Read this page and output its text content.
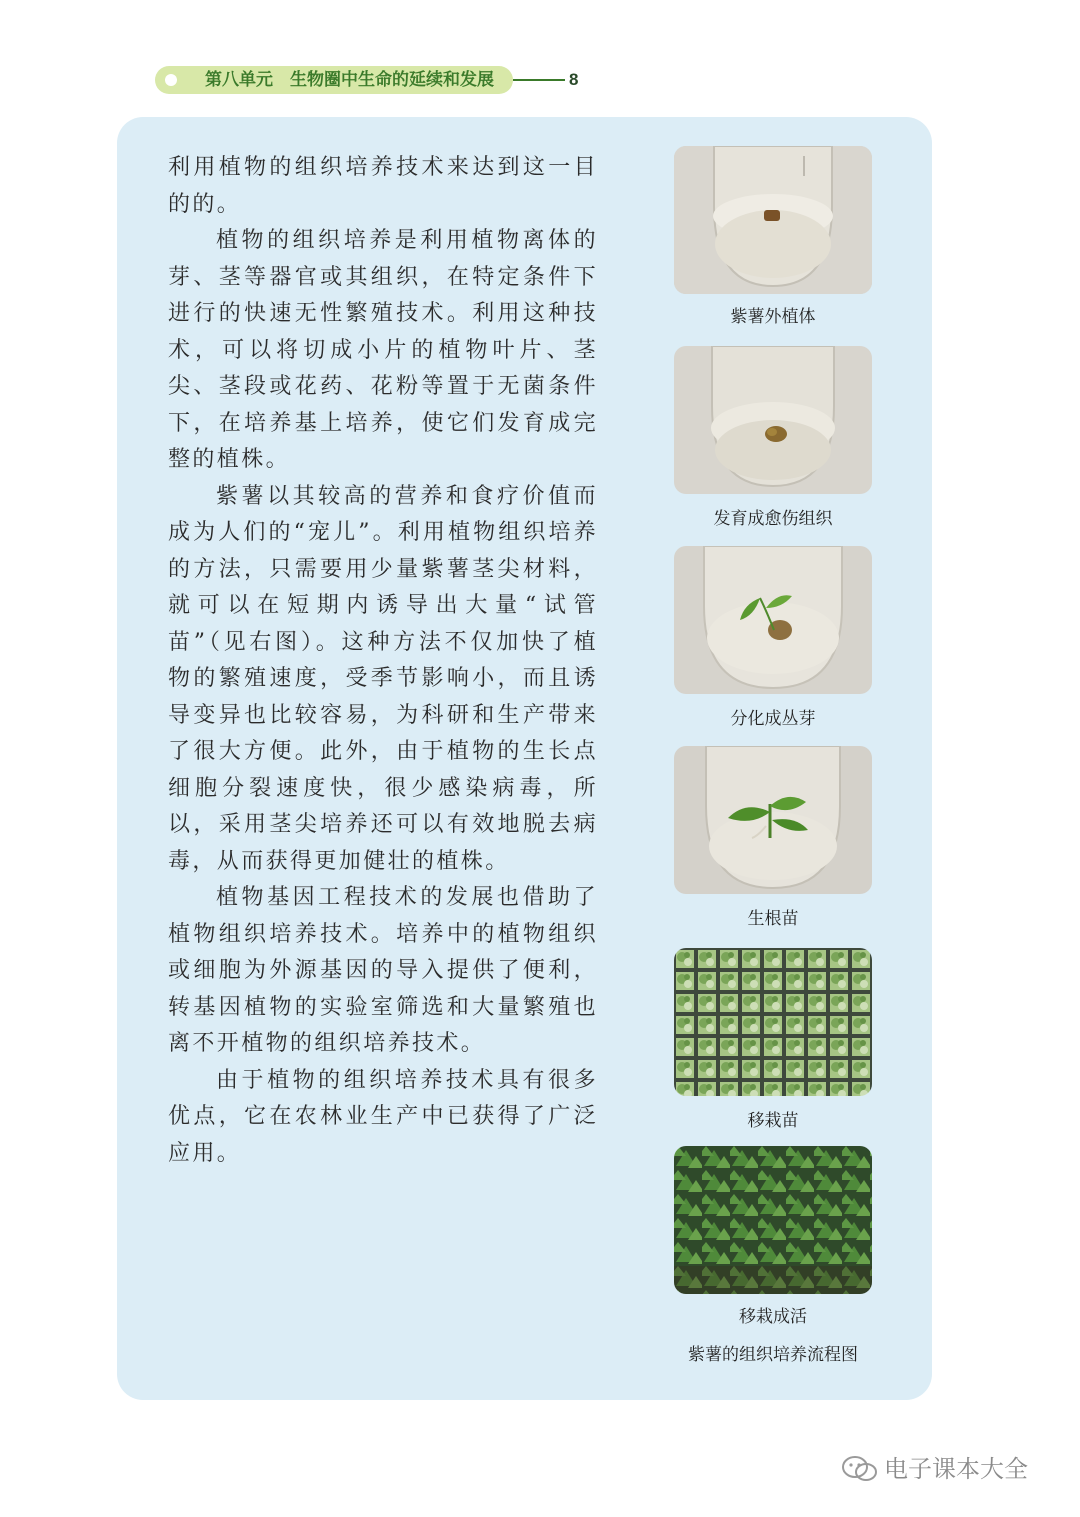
第八单元　生物圈中生命的延续和发展	8

利用植物的组织培养技术来达到这一目的的。

植物的组织培养是利用植物离体的芽、茎等器官或其组织，在特定条件下进行的快速无性繁殖技术。利用这种技术，可以将切成小片的植物叶片、茎尖、茎段或花药、花粉等置于无菌条件下，在培养基上培养，使它们发育成完整的植株。

紫薯以其较高的营养和食疗价值而成为人们的“宠儿”。利用植物组织培养的方法，只需要用少量紫薯茎尖材料，就可以在短期内诱导出大量“试管苗”（见右图）。这种方法不仅加快了植物的繁殖速度，受季节影响小，而且诱导变异也比较容易，为科研和生产带来了很大方便。此外，由于植物的生长点细胞分裂速度快，很少感染病毒，所以，采用茎尖培养还可以有效地脱去病毒，从而获得更加健壮的植株。

植物基因工程技术的发展也借助了植物组织培养技术。培养中的植物组织或细胞为外源基因的导入提供了便利，转基因植物的实验室筛选和大量繁殖也离不开植物的组织培养技术。

由于植物的组织培养技术具有很多优点，它在农林业生产中已获得了广泛应用。

紫薯外植体
发育成愈伤组织
分化成丛芽
生根苗
移栽苗
移栽成活
紫薯的组织培养流程图
电子课本大全
